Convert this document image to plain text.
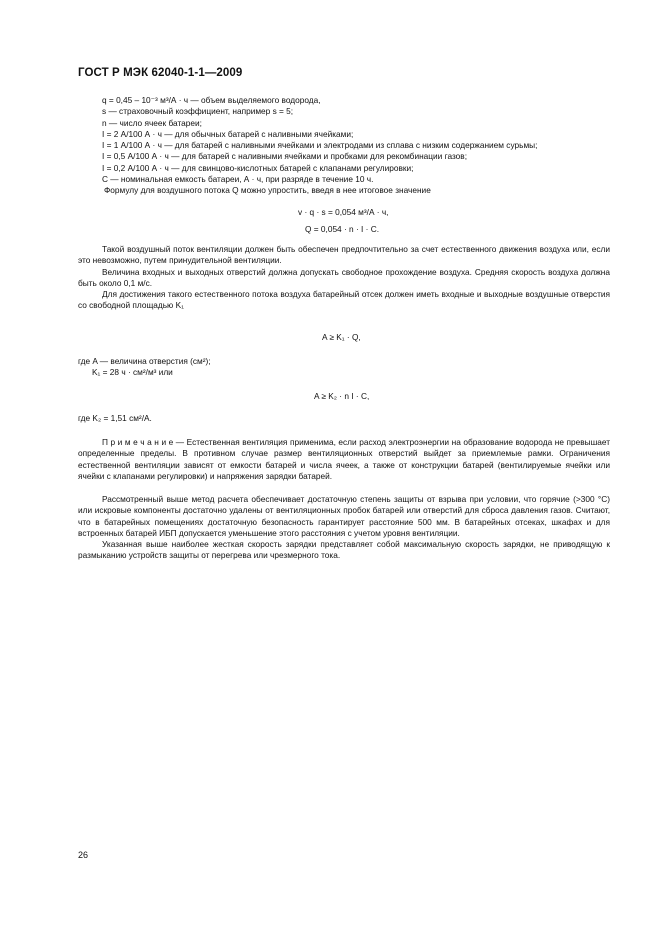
ГОСТ Р МЭК 62040-1-1—2009
q = 0,45 – 10⁻³ м³/А · ч — объем выделяемого водорода,
s — страховочный коэффициент, например s = 5;
n — число ячеек батареи;
I = 2 А/100 А · ч — для обычных батарей с наливными ячейками;
I = 1 А/100 А · ч — для батарей с наливными ячейками и электродами из сплава с низким содержанием сурьмы;
I = 0,5 А/100 А · ч — для батарей с наливными ячейками и пробками для рекомбинации газов;
I = 0,2 А/100 А · ч — для свинцово-кислотных батарей с клапанами регулировки;
C — номинальная емкость батареи, А · ч, при разряде в течение 10 ч.
Формулу для воздушного потока Q можно упростить, введя в нее итоговое значение
v · q · s = 0,054 м³/А · ч,
Q = 0,054 · n · I · C.

Такой воздушный поток вентиляции должен быть обеспечен предпочтительно за счет естественного движения воздуха или, если это невозможно, путем принудительной вентиляции.

Величина входных и выходных отверстий должна допускать свободное прохождение воздуха. Средняя скорость воздуха должна быть около 0,1 м/с.

Для достижения такого естественного потока воздуха батарейный отсек должен иметь входные и выходные воздушные отверстия со свободной площадью K₁

A ≥ K₁ · Q,
где A — величина отверстия (см²);
K₁ = 28 ч · см²/м³ или
A ≥ K₂ · n I · C,
где K₂ = 1,51 см²/А.

П р и м е ч а н и е — Естественная вентиляция применима, если расход электроэнергии на образование водорода не превышает определенные пределы. В противном случае размер вентиляционных отверстий выйдет за приемлемые рамки. Ограничения естественной вентиляции зависят от емкости батарей и числа ячеек, а также от конструкции батарей (вентилируемые ячейки или ячейки с клапанами регулировки) и напряжения зарядки батарей.

Рассмотренный выше метод расчета обеспечивает достаточную степень защиты от взрыва при условии, что горячие (>300 °С) или искровые компоненты достаточно удалены от вентиляционных пробок батарей или отверстий для сброса давления газов. Считают, что в батарейных помещениях достаточную безопасность гарантирует расстояние 500 мм. В батарейных отсеках, шкафах и для встроенных батарей ИБП допускается уменьшение этого расстояния с учетом уровня вентиляции.

Указанная выше наиболее жесткая скорость зарядки представляет собой максимальную скорость зарядки, не приводящую к размыканию устройств защиты от перегрева или чрезмерного тока.

26
